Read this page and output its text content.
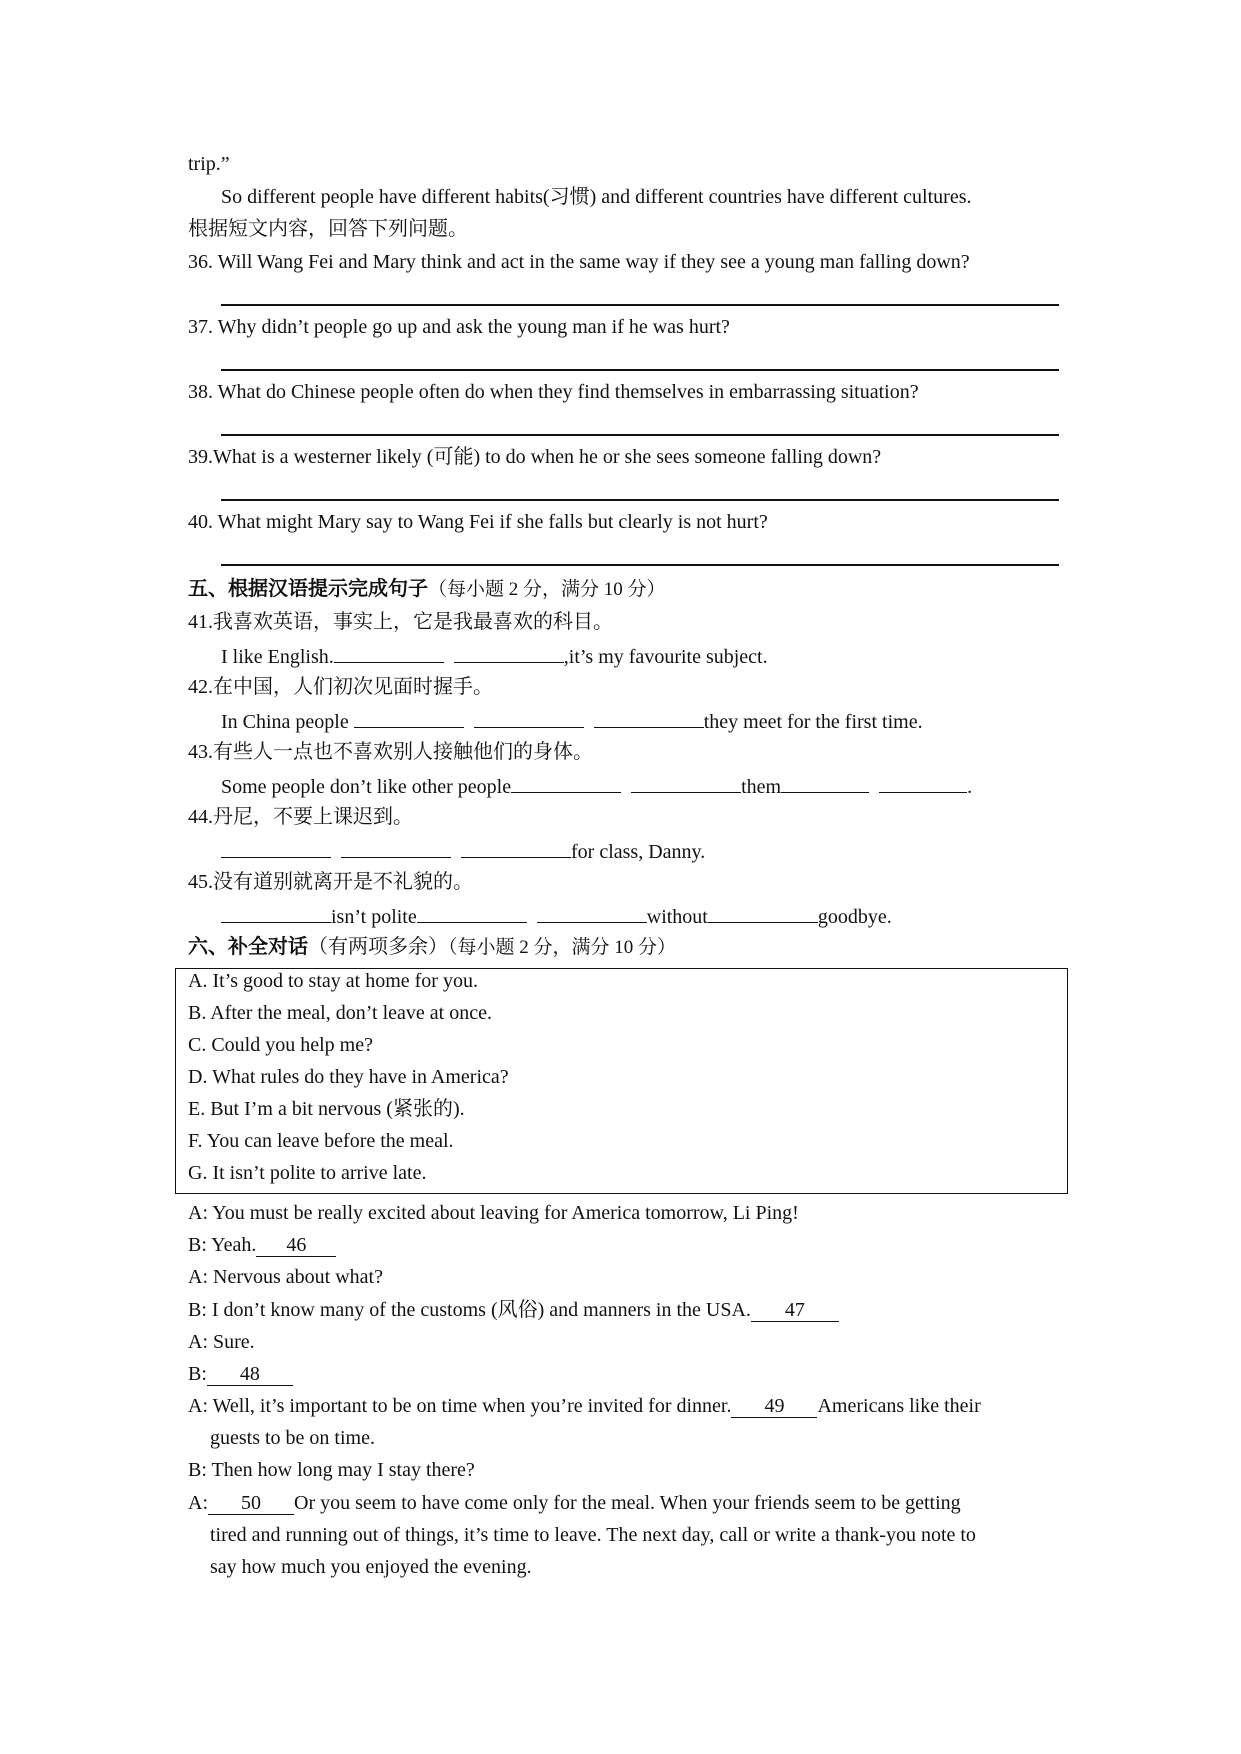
trip.”
So different people have different habits(习惯) and different countries have different cultures.
根据短文内容，回答下列问题。
36. Will Wang Fei and Mary think and act in the same way if they see a young man falling down?
37. Why didn’t people go up and ask the young man if he was hurt?
38. What do Chinese people often do when they find themselves in embarrassing situation?
39.What is a westerner likely (可能) to do when he or she sees someone falling down?
40. What might Mary say to Wang Fei if she falls but clearly is not hurt?
五、根据汉语提示完成句子（每小题 2 分，满分 10 分）
41.我喜欢英语，事实上，它是我最喜欢的科目。
I like English.	,it’s my favourite subject.
42.在中国，人们初次见面时握手。
In China people	they meet for the first time.
43.有些人一点也不喜欢别人接触他们的身体。
Some people don’t like other people	them	.
44.丹尼，不要上课迟到。
for class, Danny.
45.没有道别就离开是不礼貌的。
isn’t polite	without	goodbye.
六、补全对话（有两项多余）（每小题 2 分，满分 10 分）
A. It’s good to stay at home for you.
B. After the meal, don’t leave at once.
C. Could you help me?
D. What rules do they have in America?
E. But I’m a bit nervous (紧张的).
F. You can leave before the meal.
G. It isn’t polite to arrive late.
A: You must be really excited about leaving for America tomorrow, Li Ping!
B: Yeah. 46
A: Nervous about what?
B: I don’t know many of the customs (风俗) and manners in the USA. 47
A: Sure.
B: 48
A: Well, it’s important to be on time when you’re invited for dinner. 49 Americans like their
guests to be on time.
B: Then how long may I stay there?
A: 50 Or you seem to have come only for the meal. When your friends seem to be getting
tired and running out of things, it’s time to leave. The next day, call or write a thank-you note to
say how much you enjoyed the evening.
